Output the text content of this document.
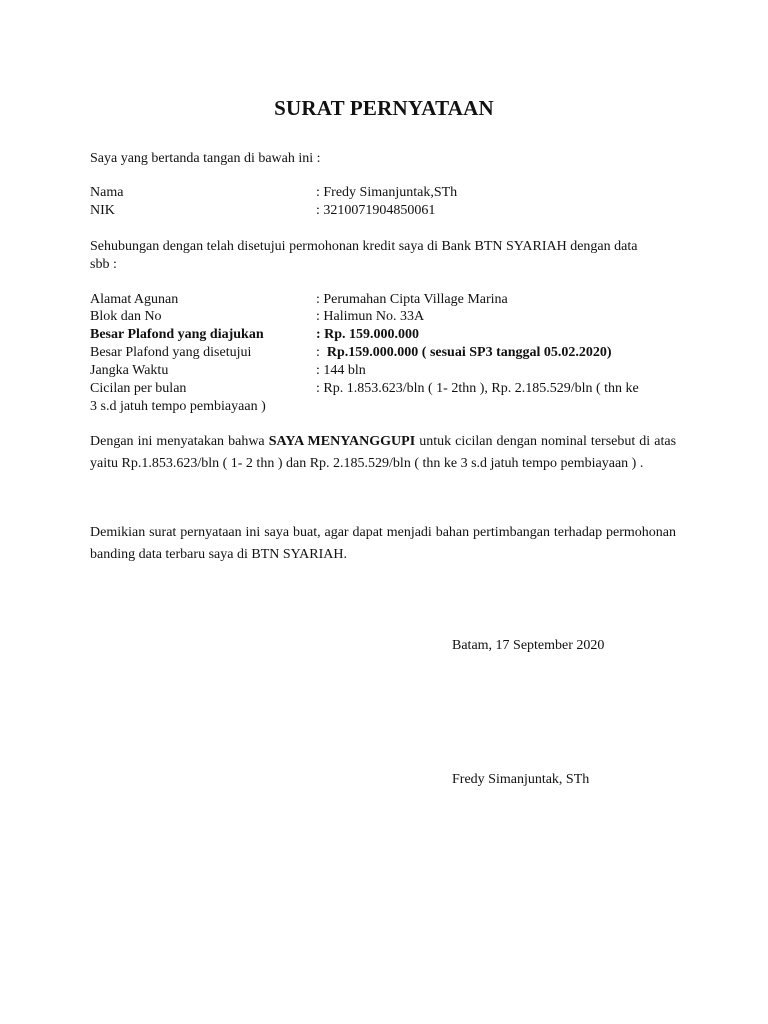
SURAT PERNYATAAN
Saya yang bertanda tangan di bawah ini :
Nama	: Fredy Simanjuntak,STh
NIK	: 3210071904850061
Sehubungan dengan telah disetujui permohonan kredit saya di Bank BTN SYARIAH dengan data
sbb :
Alamat Agunan	: Perumahan Cipta Village Marina
Blok dan No	: Halimun No. 33A
Besar Plafond yang diajukan	: Rp. 159.000.000
Besar Plafond yang disetujui	: Rp.159.000.000 ( sesuai SP3 tanggal 05.02.2020)
Jangka Waktu	: 144 bln
Cicilan per bulan	: Rp. 1.853.623/bln ( 1- 2thn ), Rp. 2.185.529/bln ( thn ke
3 s.d jatuh tempo pembiayaan )
Dengan ini menyatakan bahwa SAYA MENYANGGUPI untuk cicilan dengan nominal tersebut di atas yaitu Rp.1.853.623/bln ( 1- 2 thn ) dan Rp. 2.185.529/bln ( thn ke 3 s.d jatuh tempo pembiayaan ) .
Demikian surat pernyataan ini saya buat, agar dapat menjadi bahan pertimbangan terhadap permohonan banding data terbaru saya di BTN SYARIAH.
Batam, 17 September 2020
Fredy Simanjuntak, STh
